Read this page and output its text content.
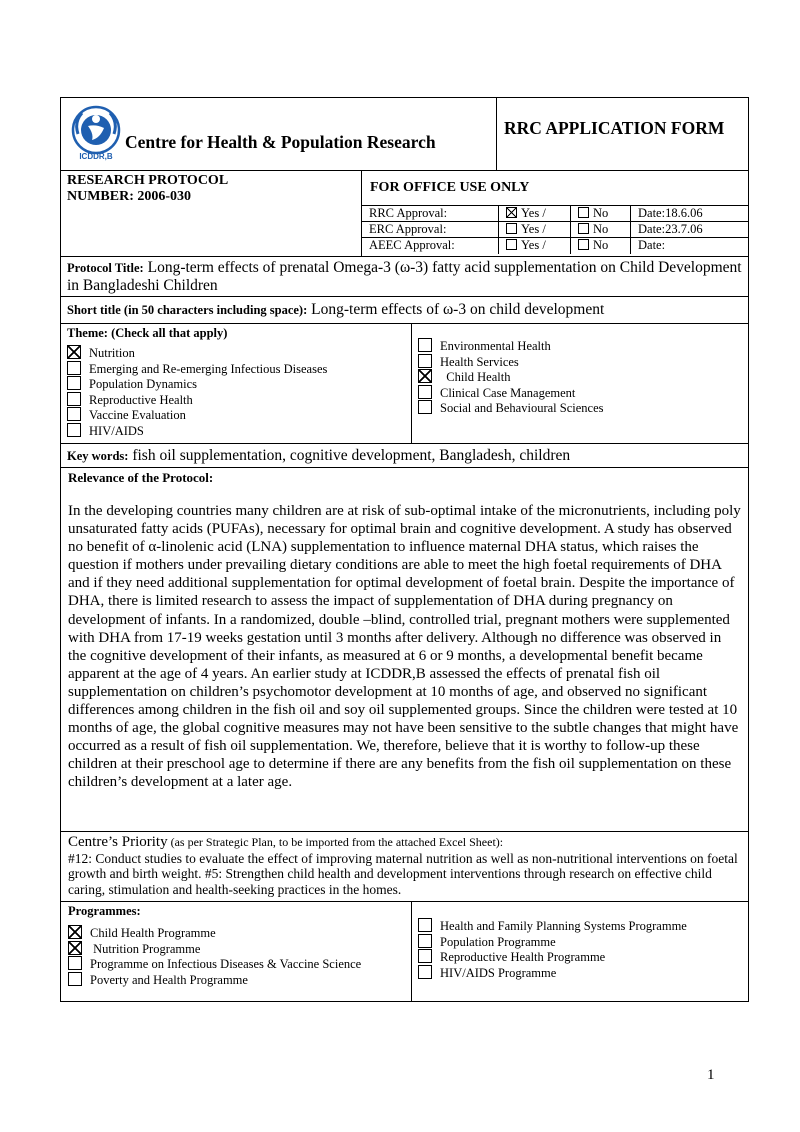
ICDDR,B
Centre for Health & Population Research
RRC APPLICATION FORM
RESEARCH PROTOCOL
NUMBER: 2006-030
FOR OFFICE USE ONLY
RRC Approval:	Yes /	No	Date:18.6.06
ERC Approval:	Yes /	No	Date:23.7.06
AEEC Approval:	Yes /	No	Date:
Protocol Title: Long-term effects of prenatal Omega-3 (ω-3) fatty acid supplementation on Child Development in Bangladeshi Children
Short title (in 50 characters including space): Long-term effects of ω-3 on child development
Theme: (Check all that apply)
Nutrition
Emerging and Re-emerging Infectious Diseases
Population Dynamics
Reproductive Health
Vaccine Evaluation
HIV/AIDS
Environmental Health
Health Services
Child Health
Clinical Case Management
Social and Behavioural Sciences
Key words: fish oil supplementation, cognitive development, Bangladesh, children
Relevance of the Protocol:
In the developing countries many children are at risk of sub-optimal intake of the micronutrients, including poly unsaturated fatty acids (PUFAs), necessary for optimal brain and cognitive development. A study has observed no benefit of α-linolenic acid (LNA) supplementation to influence maternal DHA status, which raises the question if mothers under prevailing dietary conditions are able to meet the high foetal requirements of DHA and if they need additional supplementation for optimal development of foetal brain. Despite the importance of DHA, there is limited research to assess the impact of supplementation of DHA during pregnancy on development of infants. In a randomized, double –blind, controlled trial, pregnant mothers were supplemented with DHA from 17-19 weeks gestation until 3 months after delivery. Although no difference was observed in the cognitive development of their infants, as measured at 6 or 9 months, a developmental benefit became apparent at the age of 4 years. An earlier study at ICDDR,B assessed the effects of prenatal fish oil supplementation on children’s psychomotor development at 10 months of age, and observed no significant differences among children in the fish oil and soy oil supplemented groups. Since the children were tested at 10 months of age, the global cognitive measures may not have been sensitive to the subtle changes that might have occurred as a result of fish oil supplementation. We, therefore, believe that it is worthy to follow-up these children at their preschool age to determine if there are any benefits from the fish oil supplementation on these children’s development at a later age.
Centre’s Priority (as per Strategic Plan, to be imported from the attached Excel Sheet):
#12: Conduct studies to evaluate the effect of improving maternal nutrition as well as non-nutritional interventions on foetal growth and birth weight. #5: Strengthen child health and development interventions through research on effective child caring, stimulation and health-seeking practices in the homes.
Programmes:
Child Health Programme
Nutrition Programme
Programme on Infectious Diseases & Vaccine Science
Poverty and Health Programme
Health and Family Planning Systems Programme
Population Programme
Reproductive Health Programme
HIV/AIDS Programme
1
